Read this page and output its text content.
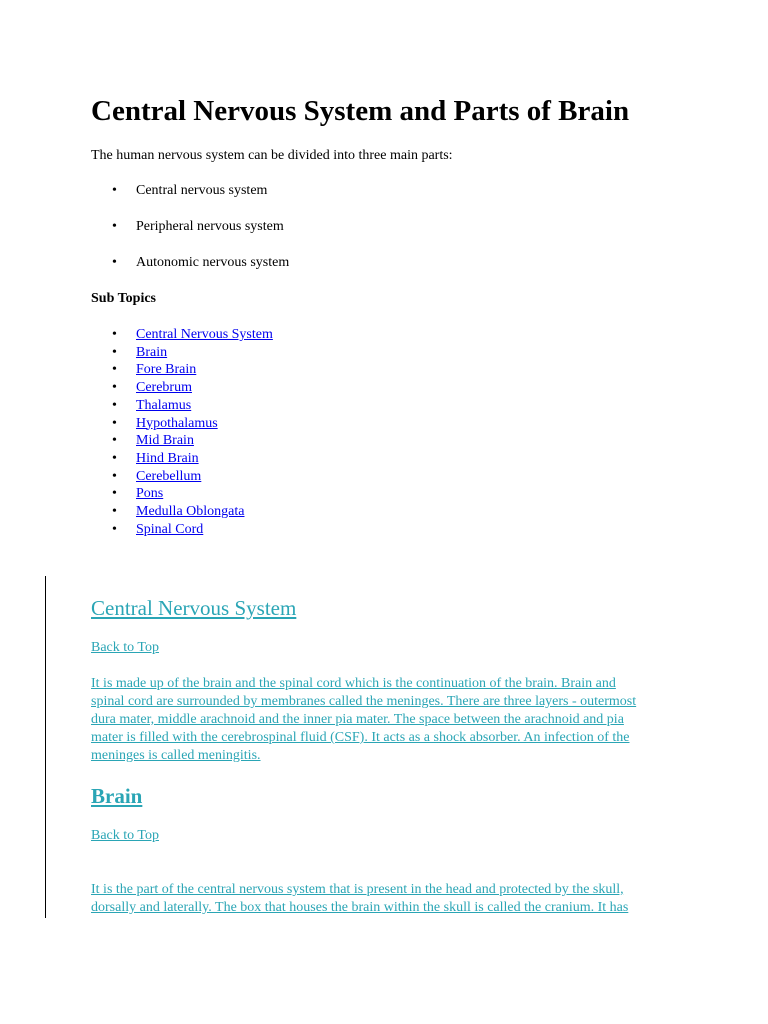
Central Nervous System and Parts of Brain
The human nervous system can be divided into three main parts:
• Central nervous system
• Peripheral nervous system
• Autonomic nervous system
Sub Topics
• Central Nervous System
• Brain
• Fore Brain
• Cerebrum
• Thalamus
• Hypothalamus
• Mid Brain
• Hind Brain
• Cerebellum
• Pons
• Medulla Oblongata
• Spinal Cord
Central Nervous System
Back to Top
It is made up of the brain and the spinal cord which is the continuation of the brain. Brain and
spinal cord are surrounded by membranes called the meninges. There are three layers - outermost
dura mater, middle arachnoid and the inner pia mater. The space between the arachnoid and pia
mater is filled with the cerebrospinal fluid (CSF). It acts as a shock absorber. An infection of the
meninges is called meningitis.
Brain
Back to Top
It is the part of the central nervous system that is present in the head and protected by the skull,
dorsally and laterally. The box that houses the brain within the skull is called the cranium. It has
